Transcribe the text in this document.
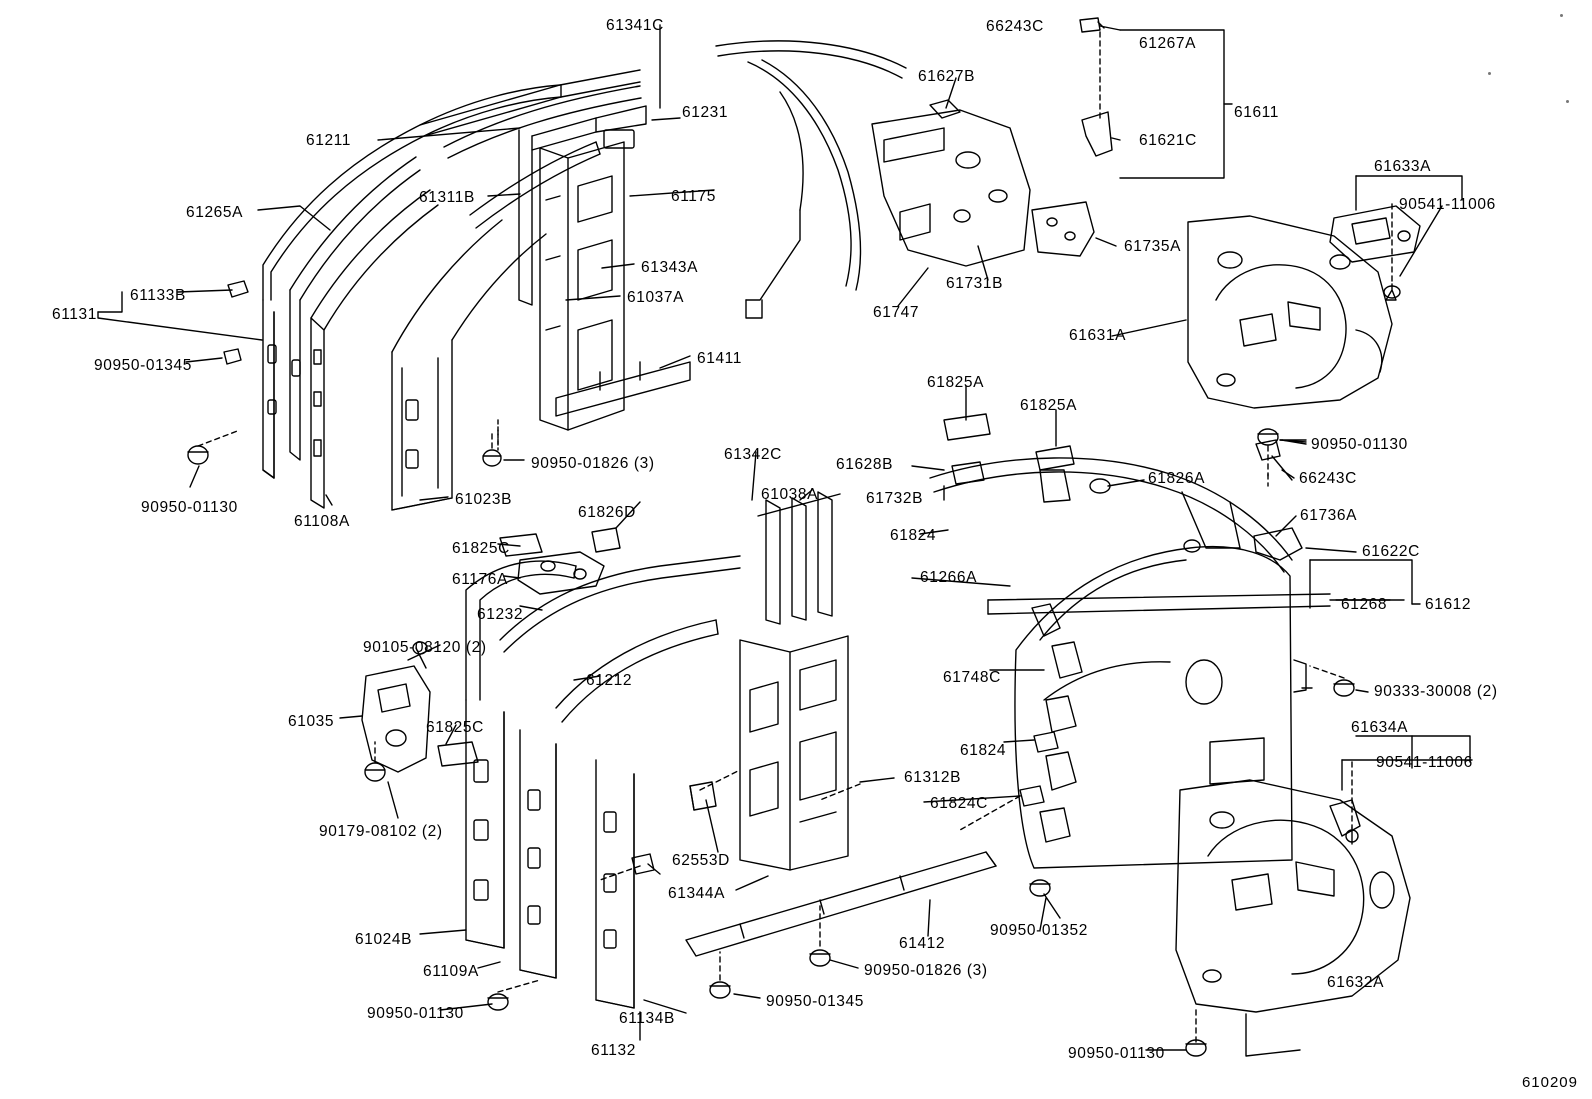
61341C	66243C
61267A
61627B
61231	61611
61211	61621C
61633A
61311B	61175	90541-11006
61265A
61735A
61343A
61731B
61133B	61037A
61747
61131
61631A
90950-01345	61411
61825A
61825A
90950-01130
90950-01826 (3)
61342C
61628B
61826A
90950-01130
66243C
61038A	61732B
61023B
61108A	61736A
61826D
61824
61622C
61825C
61176A	61266A
61232
61268 61612
90105-08120 (2)
61212	61748C
90333-30008 (2)
61035	61825C	61634A
61824
90541-11006
90179-08102 (2)
61312B
61824C
62553D
61344A
90950-01352
61024B	61412
61109A	90950-01826 (3)
61632A
90950-01130
90950-01345
61134B
61132	90950-01130
610209
